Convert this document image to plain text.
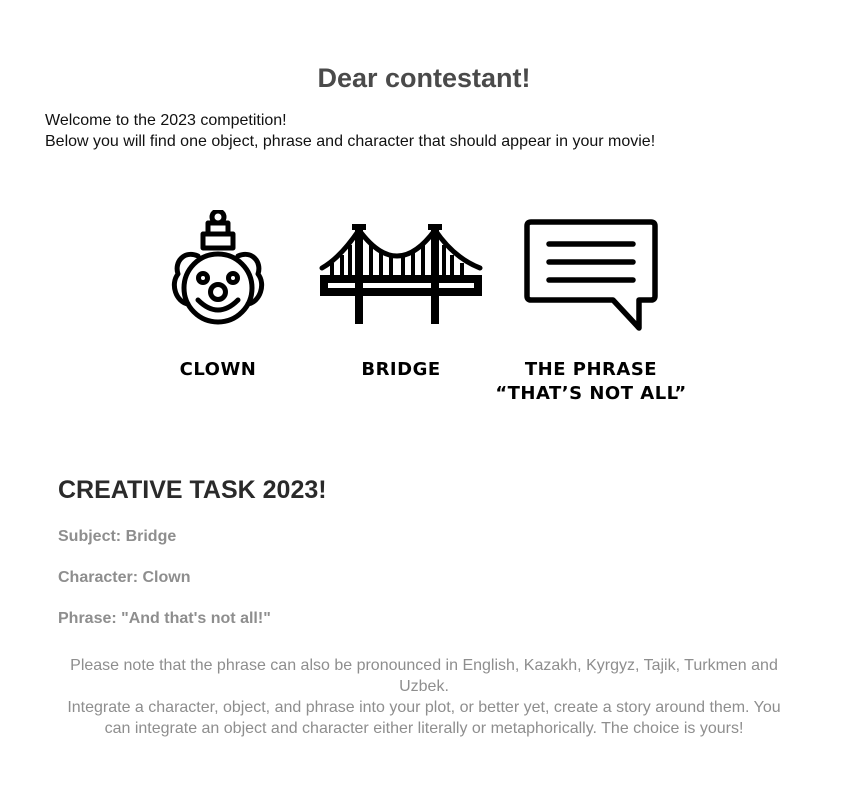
Dear contestant!
Welcome to the 2023 competition!
Below you will find one object, phrase and character that should appear in your movie!
CLOWN	BRIDGE	THE PHRASE
“THAT’S NOT ALL”
CREATIVE TASK 2023!
Subject: Bridge
Character: Clown
Phrase: "And that's not all!"

Please note that the phrase can also be pronounced in English, Kazakh, Kyrgyz, Tajik, Turkmen and Uzbek.

Integrate a character, object, and phrase into your plot, or better yet, create a story around them. You can integrate an object and character either literally or metaphorically. The choice is yours!
